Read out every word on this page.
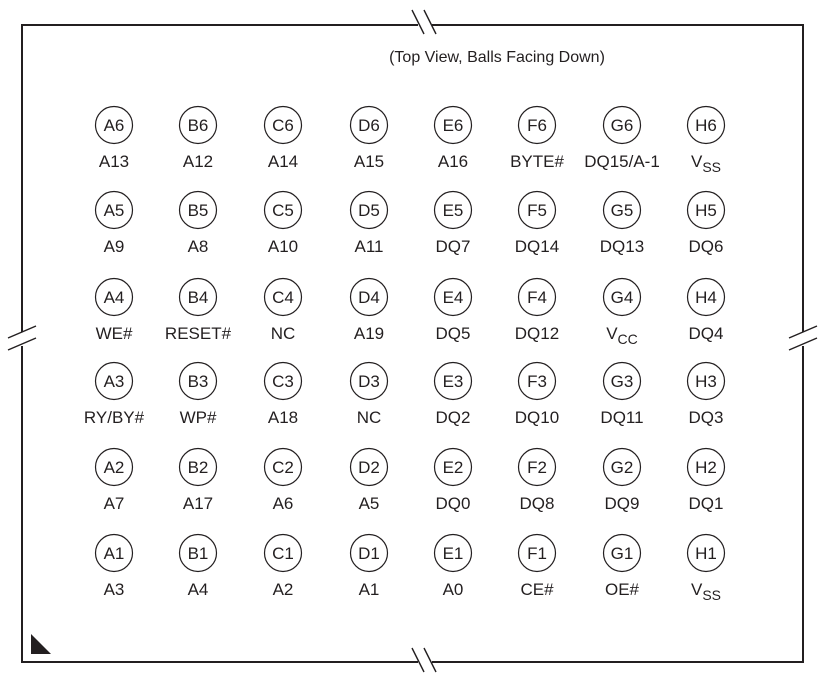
(Top View, Balls Facing Down)
A6
A13
B6
A12
C6
A14
D6
A15
E6
A16
F6
BYTE#
G6
DQ15/A-1
H6
$V_{SS}$
A5
A9
B5
A8
C5
A10
D5
A11
E5
DQ7
F5
DQ14
G5
DQ13
H5
DQ6
A4
WE#
B4
RESET#
C4
NC
D4
A19
E4
DQ5
F4
DQ12
G4
$V_{CC}$
H4
DQ4
A3
RY/BY#
B3
WP#
C3
A18
D3
NC
E3
DQ2
F3
DQ10
G3
DQ11
H3
DQ3
A2
A7
B2
A17
C2
A6
D2
A5
E2
DQ0
F2
DQ8
G2
DQ9
H2
DQ1
A1
A3
B1
A4
C1
A2
D1
A1
E1
A0
F1
CE#
G1
OE#
H1
$V_{SS}$
